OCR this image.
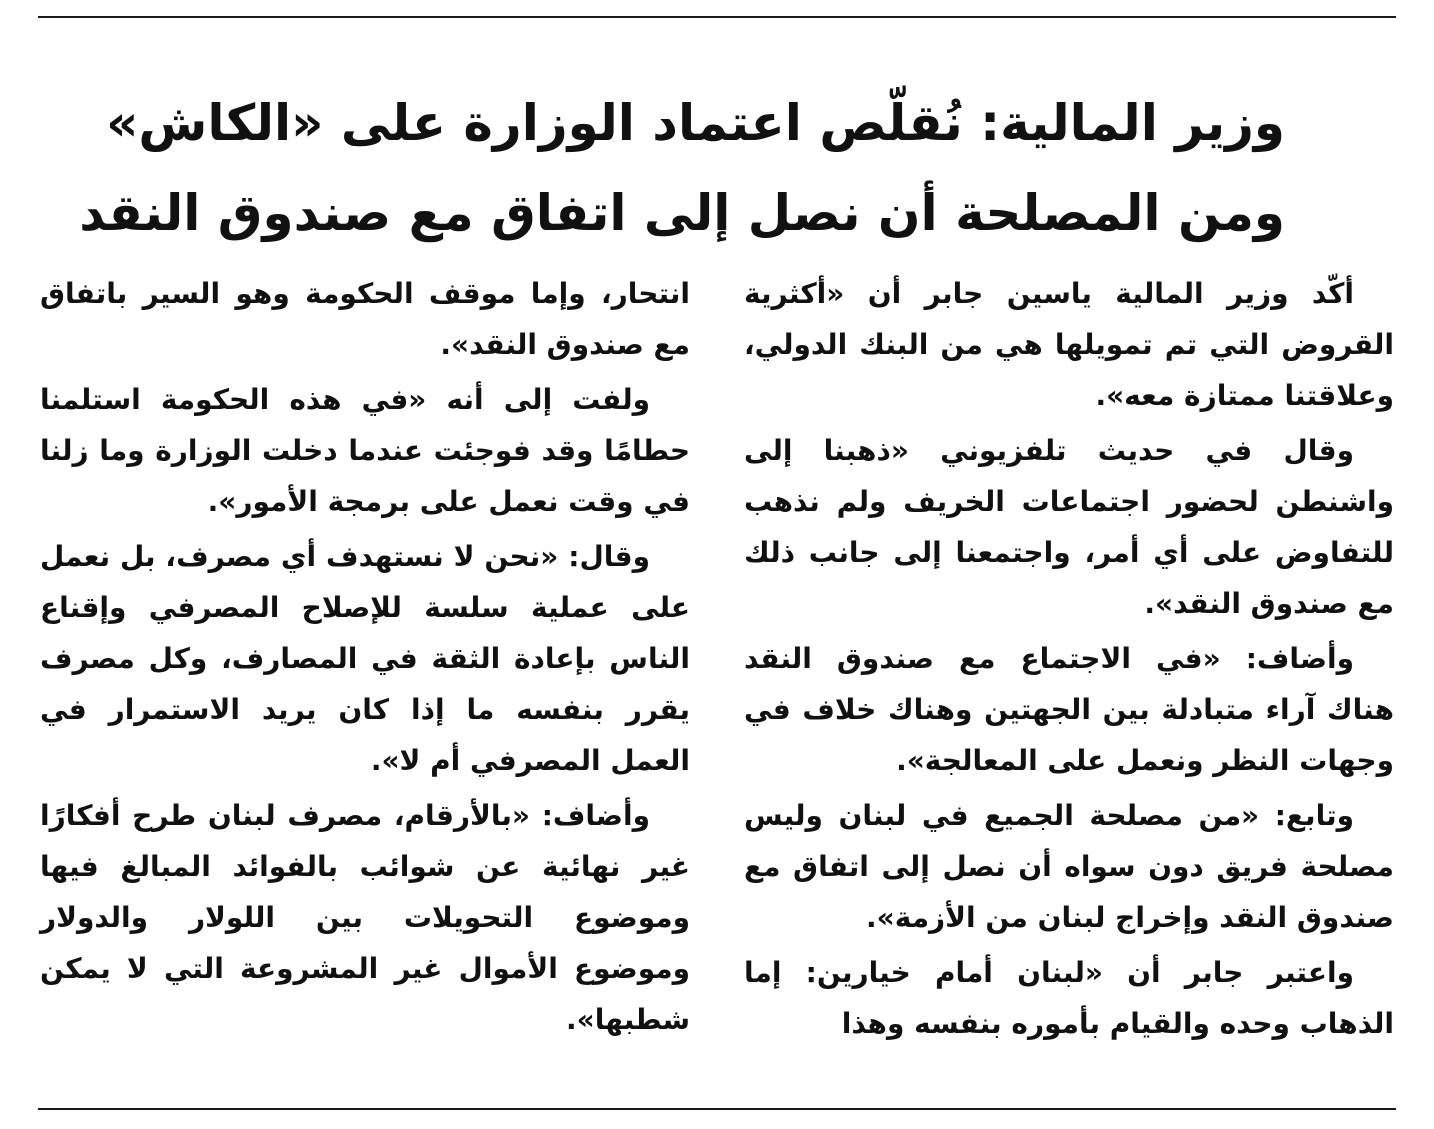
وزير المالية: نُقلّص اعتماد الوزارة على «الكاش»
ومن المصلحة أن نصل إلى اتفاق مع صندوق النقد

أكّد وزير المالية ياسين جابر أن «أكثرية القروض التي تم تمويلها هي من البنك الدولي، وعلاقتنا ممتازة معه».

وقال في حديث تلفزيوني «ذهبنا إلى واشنطن لحضور اجتماعات الخريف ولم نذهب للتفاوض على أي أمر، واجتمعنا إلى جانب ذلك مع صندوق النقد».

وأضاف: «في الاجتماع مع صندوق النقد هناك آراء متبادلة بين الجهتين وهناك خلاف في وجهات النظر ونعمل على المعالجة».

وتابع: «من مصلحة الجميع في لبنان وليس مصلحة فريق دون سواه أن نصل إلى اتفاق مع صندوق النقد وإخراج لبنان من الأزمة».

واعتبر جابر أن «لبنان أمام خيارين: إما الذهاب وحده والقيام بأموره بنفسه وهذا

انتحار، وإما موقف الحكومة وهو السير باتفاق مع صندوق النقد».

ولفت إلى أنه «في هذه الحكومة استلمنا حطامًا وقد فوجئت عندما دخلت الوزارة وما زلنا في وقت نعمل على برمجة الأمور».

وقال: «نحن لا نستهدف أي مصرف، بل نعمل على عملية سلسة للإصلاح المصرفي وإقناع الناس بإعادة الثقة في المصارف، وكل مصرف يقرر بنفسه ما إذا كان يريد الاستمرار في العمل المصرفي أم لا».

وأضاف: «بالأرقام، مصرف لبنان طرح أفكارًا غير نهائية عن شوائب بالفوائد المبالغ فيها وموضوع التحويلات بين اللولار والدولار وموضوع الأموال غير المشروعة التي لا يمكن شطبها».
